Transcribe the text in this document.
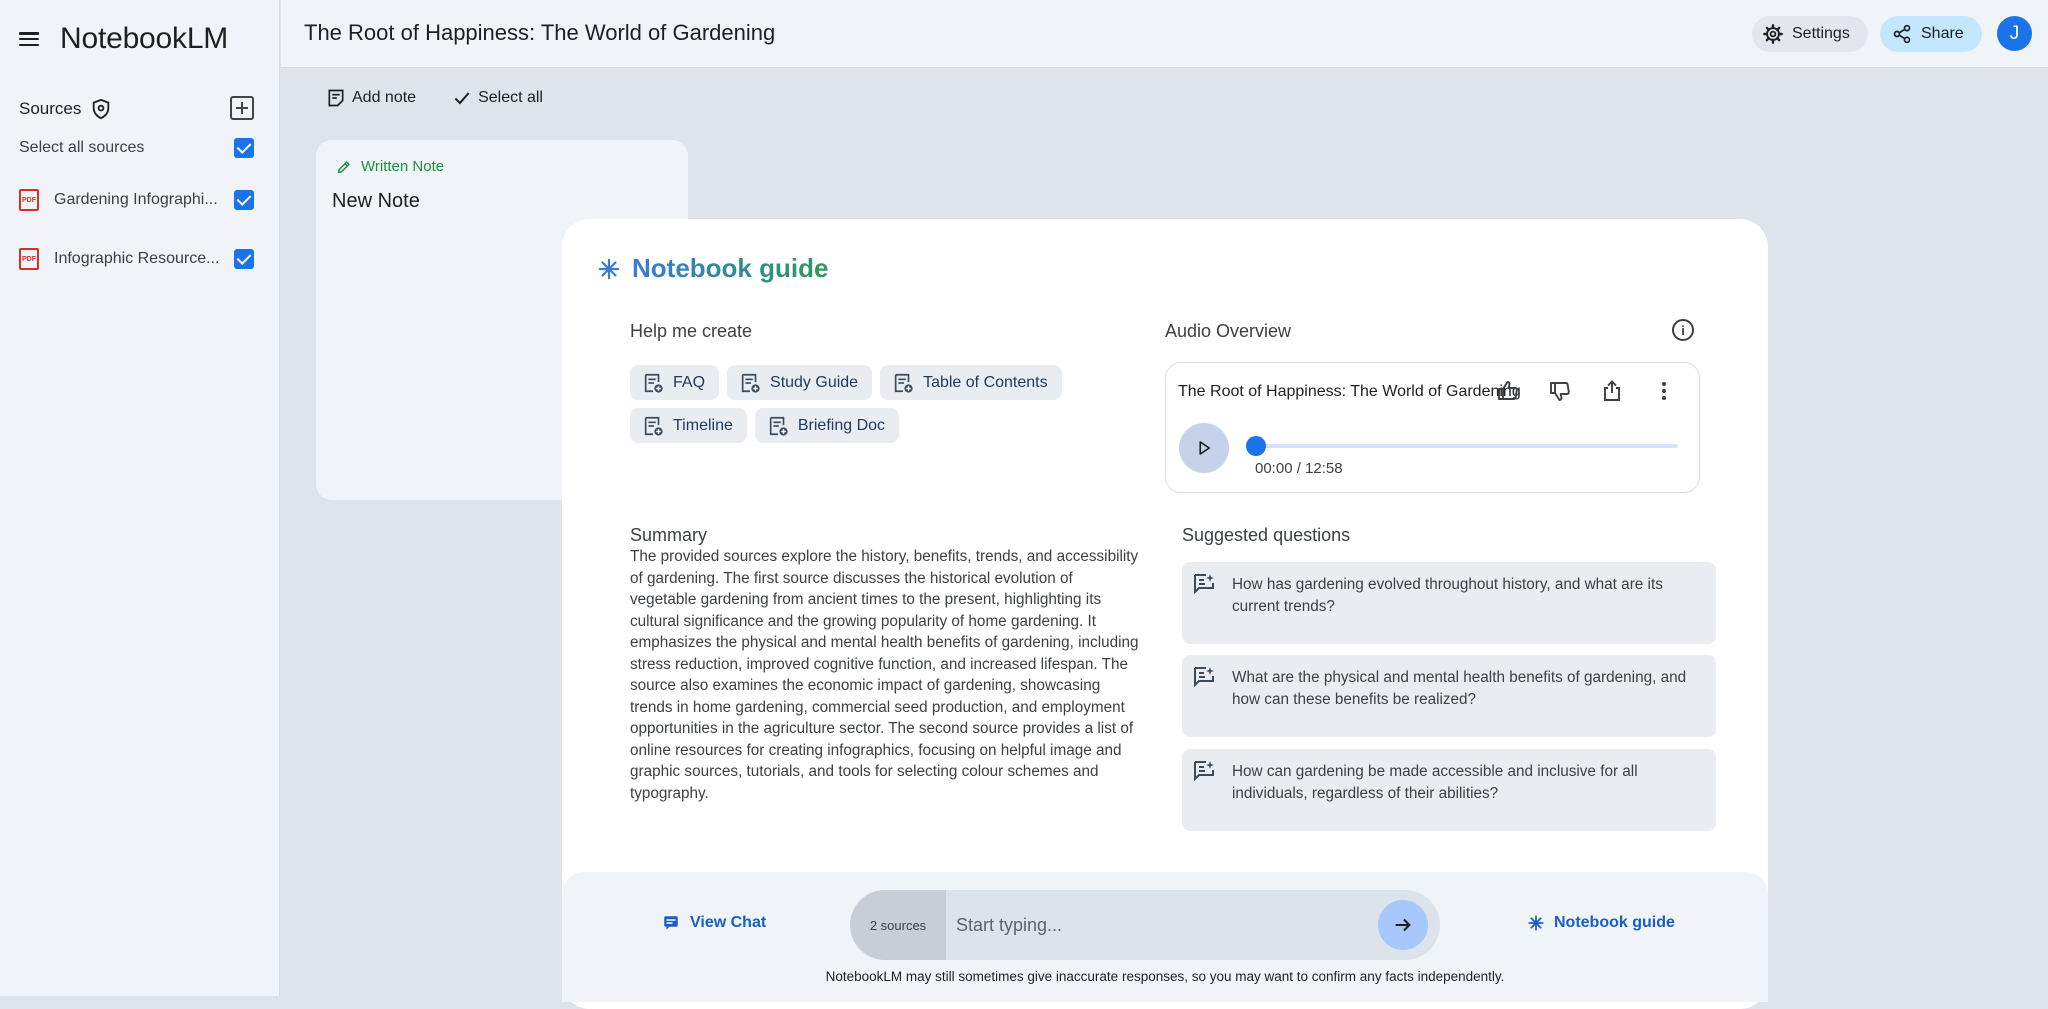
NotebookLM
Sources
Select all sources
PDF Gardening Infographi...
PDF Infographic Resource...
The Root of Happiness: The World of Gardening	Settings	Share	J
Add note	Select all
Written Note
New Note
Notebook guide
Help me create
FAQ	Study Guide	Table of Contents
Timeline	Briefing Doc
Audio Overview	i
The Root of Happiness: The World of Gardening
00:00 / 12:58
Summary
The provided sources explore the history, benefits, trends, and accessibility of gardening. The first source discusses the historical evolution of vegetable gardening from ancient times to the present, highlighting its cultural significance and the growing popularity of home gardening. It emphasizes the physical and mental health benefits of gardening, including stress reduction, improved cognitive function, and increased lifespan. The source also examines the economic impact of gardening, showcasing trends in home gardening, commercial seed production, and employment opportunities in the agriculture sector. The second source provides a list of online resources for creating infographics, focusing on helpful image and graphic sources, tutorials, and tools for selecting colour schemes and typography.
Suggested questions
How has gardening evolved throughout history, and what are its current trends?
What are the physical and mental health benefits of gardening, and how can these benefits be realized?
How can gardening be made accessible and inclusive for all individuals, regardless of their abilities?
View Chat	2 sources
Start typing...	Notebook guide
NotebookLM may still sometimes give inaccurate responses, so you may want to confirm any facts independently.
